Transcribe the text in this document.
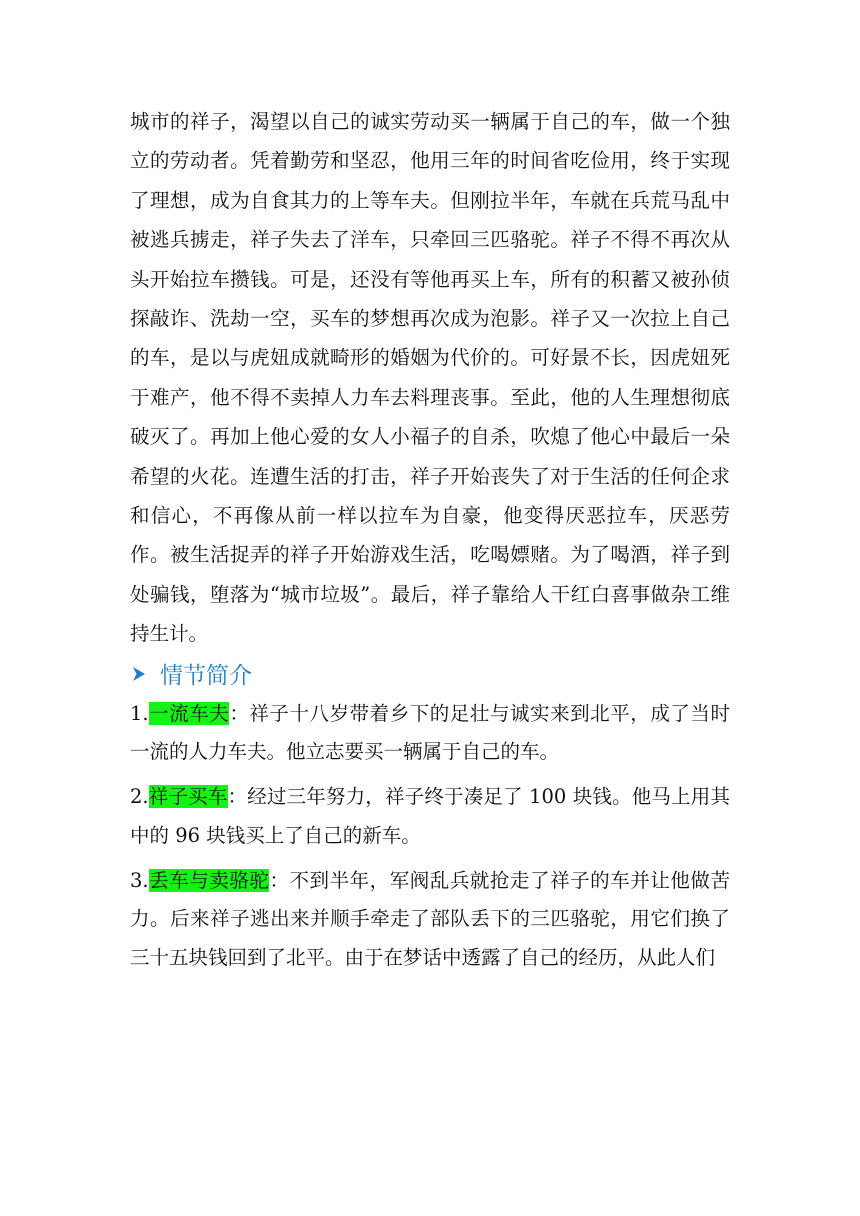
城市的祥子，渴望以自己的诚实劳动买一辆属于自己的车，做一个独立的劳动者。凭着勤劳和坚忍，他用三年的时间省吃俭用，终于实现了理想，成为自食其力的上等车夫。但刚拉半年，车就在兵荒马乱中被逃兵掳走，祥子失去了洋车，只牵回三匹骆驼。祥子不得不再次从头开始拉车攒钱。可是，还没有等他再买上车，所有的积蓄又被孙侦探敲诈、洗劫一空，买车的梦想再次成为泡影。祥子又一次拉上自己的车，是以与虎妞成就畸形的婚姻为代价的。可好景不长，因虎妞死于难产，他不得不卖掉人力车去料理丧事。至此，他的人生理想彻底破灭了。再加上他心爱的女人小福子的自杀，吹熄了他心中最后一朵希望的火花。连遭生活的打击，祥子开始丧失了对于生活的任何企求和信心，不再像从前一样以拉车为自豪，他变得厌恶拉车，厌恶劳作。被生活捉弄的祥子开始游戏生活，吃喝嫖赌。为了喝酒，祥子到处骗钱，堕落为“城市垃圾”。最后，祥子靠给人干红白喜事做杂工维持生计。

情节简介

1.一流车夫：祥子十八岁带着乡下的足壮与诚实来到北平，成了当时一流的人力车夫。他立志要买一辆属于自己的车。

2.祥子买车：经过三年努力，祥子终于凑足了 100 块钱。他马上用其中的 96 块钱买上了自己的新车。

3.丢车与卖骆驼：不到半年，军阀乱兵就抢走了祥子的车并让他做苦力。后来祥子逃出来并顺手牵走了部队丢下的三匹骆驼，用它们换了三十五块钱回到了北平。由于在梦话中透露了自己的经历，从此人们
